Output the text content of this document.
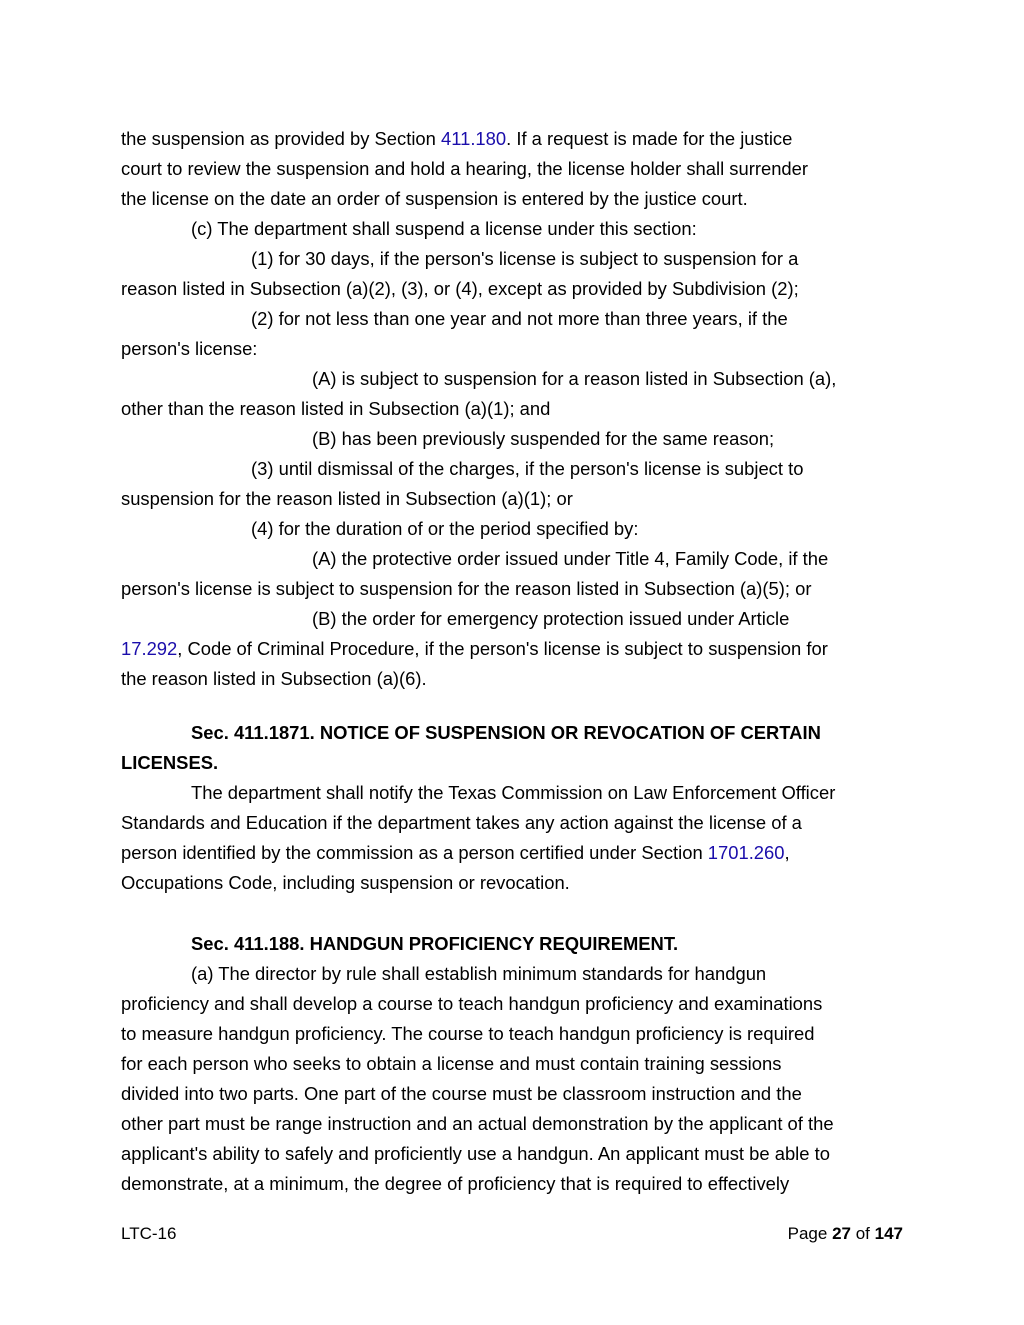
the suspension as provided by Section 411.180. If a request is made for the justice
court to review the suspension and hold a hearing, the license holder shall surrender
the license on the date an order of suspension is entered by the justice court.
(c) The department shall suspend a license under this section:
(1) for 30 days, if the person's license is subject to suspension for a
reason listed in Subsection (a)(2), (3), or (4), except as provided by Subdivision (2);
(2) for not less than one year and not more than three years, if the
person's license:
(A) is subject to suspension for a reason listed in Subsection (a),
other than the reason listed in Subsection (a)(1); and
(B) has been previously suspended for the same reason;
(3) until dismissal of the charges, if the person's license is subject to
suspension for the reason listed in Subsection (a)(1); or
(4) for the duration of or the period specified by:
(A) the protective order issued under Title 4, Family Code, if the
person's license is subject to suspension for the reason listed in Subsection (a)(5); or
(B) the order for emergency protection issued under Article
17.292, Code of Criminal Procedure, if the person's license is subject to suspension for
the reason listed in Subsection (a)(6).
Sec. 411.1871. NOTICE OF SUSPENSION OR REVOCATION OF CERTAIN
LICENSES.
The department shall notify the Texas Commission on Law Enforcement Officer
Standards and Education if the department takes any action against the license of a
person identified by the commission as a person certified under Section 1701.260,
Occupations Code, including suspension or revocation.
Sec. 411.188. HANDGUN PROFICIENCY REQUIREMENT.
(a) The director by rule shall establish minimum standards for handgun
proficiency and shall develop a course to teach handgun proficiency and examinations
to measure handgun proficiency. The course to teach handgun proficiency is required
for each person who seeks to obtain a license and must contain training sessions
divided into two parts. One part of the course must be classroom instruction and the
other part must be range instruction and an actual demonstration by the applicant of the
applicant's ability to safely and proficiently use a handgun. An applicant must be able to
demonstrate, at a minimum, the degree of proficiency that is required to effectively
LTC-16	Page 27 of 147
